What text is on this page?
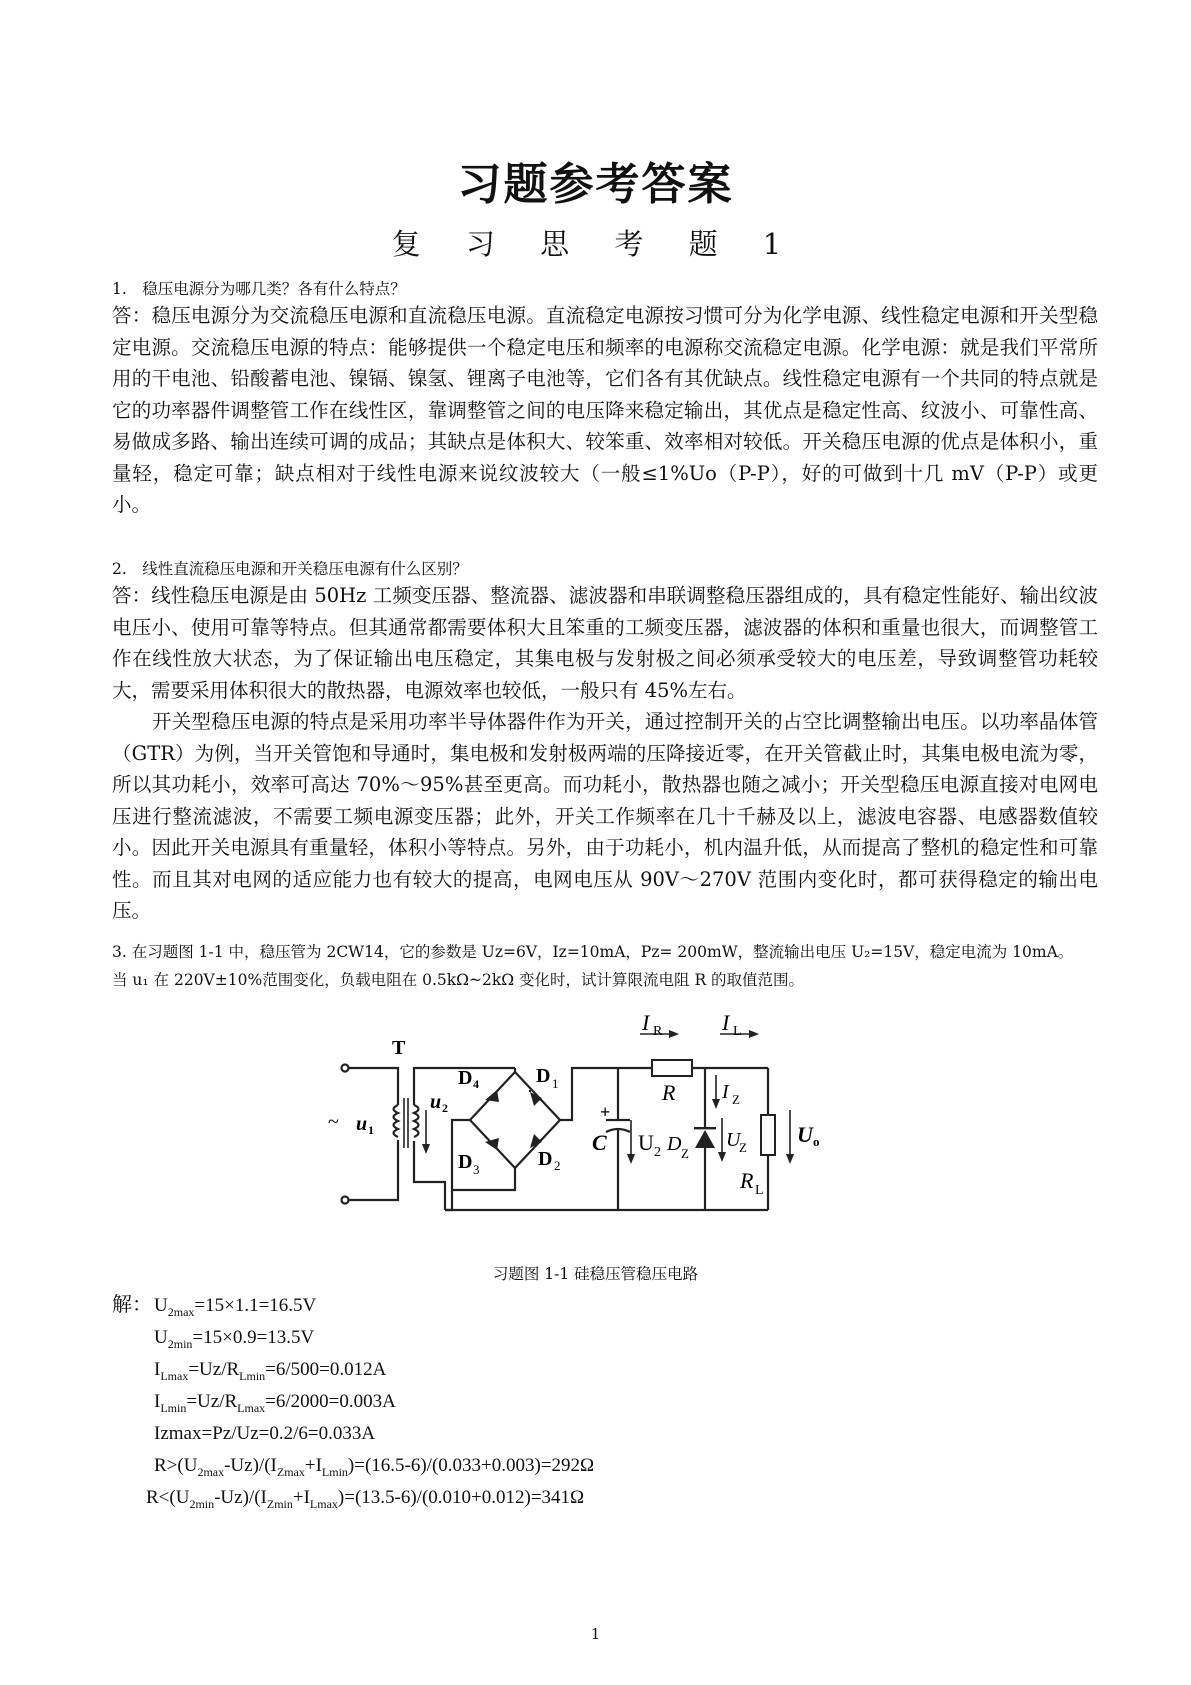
习题参考答案
复 习 思 考 题 1
1.　稳压电源分为哪几类？各有什么特点？
答：稳压电源分为交流稳压电源和直流稳压电源。直流稳定电源按习惯可分为化学电源、线性稳定电源和开关型稳定电源。交流稳压电源的特点：能够提供一个稳定电压和频率的电源称交流稳定电源。化学电源：就是我们平常所用的干电池、铅酸蓄电池、镍镉、镍氢、锂离子电池等，它们各有其优缺点。线性稳定电源有一个共同的特点就是它的功率器件调整管工作在线性区，靠调整管之间的电压降来稳定输出，其优点是稳定性高、纹波小、可靠性高、易做成多路、输出连续可调的成品；其缺点是体积大、较笨重、效率相对较低。开关稳压电源的优点是体积小，重量轻，稳定可靠；缺点相对于线性电源来说纹波较大（一般≤1%Uo（P-P），好的可做到十几 mV（P-P）或更小。
2.　线性直流稳压电源和开关稳压电源有什么区别？
答：线性稳压电源是由 50Hz 工频变压器、整流器、滤波器和串联调整稳压器组成的，具有稳定性能好、输出纹波电压小、使用可靠等特点。但其通常都需要体积大且笨重的工频变压器，滤波器的体积和重量也很大，而调整管工作在线性放大状态，为了保证输出电压稳定，其集电极与发射极之间必须承受较大的电压差，导致调整管功耗较大，需要采用体积很大的散热器，电源效率也较低，一般只有 45%左右。
开关型稳压电源的特点是采用功率半导体器件作为开关，通过控制开关的占空比调整输出电压。以功率晶体管（GTR）为例，当开关管饱和导通时，集电极和发射极两端的压降接近零，在开关管截止时，其集电极电流为零，所以其功耗小，效率可高达 70%～95%甚至更高。而功耗小，散热器也随之减小；开关型稳压电源直接对电网电压进行整流滤波，不需要工频电源变压器；此外，开关工作频率在几十千赫及以上，滤波电容器、电感器数值较小。因此开关电源具有重量轻，体积小等特点。另外，由于功耗小，机内温升低，从而提高了整机的稳定性和可靠性。而且其对电网的适应能力也有较大的提高，电网电压从 90V～270V 范围内变化时，都可获得稳定的输出电压。
3. 在习题图 1-1 中，稳压管为 2CW14，它的参数是 Uz=6V，Iz=10mA，Pz= 200mW，整流输出电压 U₂=15V，稳定电流为 10mA。
当 u₁ 在 220V±10%范围变化，负载电阻在 0.5kΩ~2kΩ 变化时，试计算限流电阻 R 的取值范围。
T
~ u 1
u 2
D 4	D 1
D 3	D 2
+
C U 2
I R	I L
R I Z
D Z
U
Z
R L
U o
习题图 1-1 硅稳压管稳压电路
解： $U_{2max}=15\times 1.1=16.5V$
$U_{2min}=15\times 0.9=13.5V$
$I_{Lmax}=Uz/R_{Lmin}=6/500=0.012A$
$I_{Lmin}=Uz/R_{Lmax}=6/2000=0.003A$
Izmax=Pz/Uz=0.2/6=0.033A
$R>(U_{2max}-Uz)/(I_{Zmax}+I_{Lmin})=(16.5-6)/(0.033+0.003)=292\Omega$
$R<(U_{2min}-Uz)/(I_{Zmin}+I_{Lmax})=(13.5-6)/(0.010+0.012)=341\Omega$
1
